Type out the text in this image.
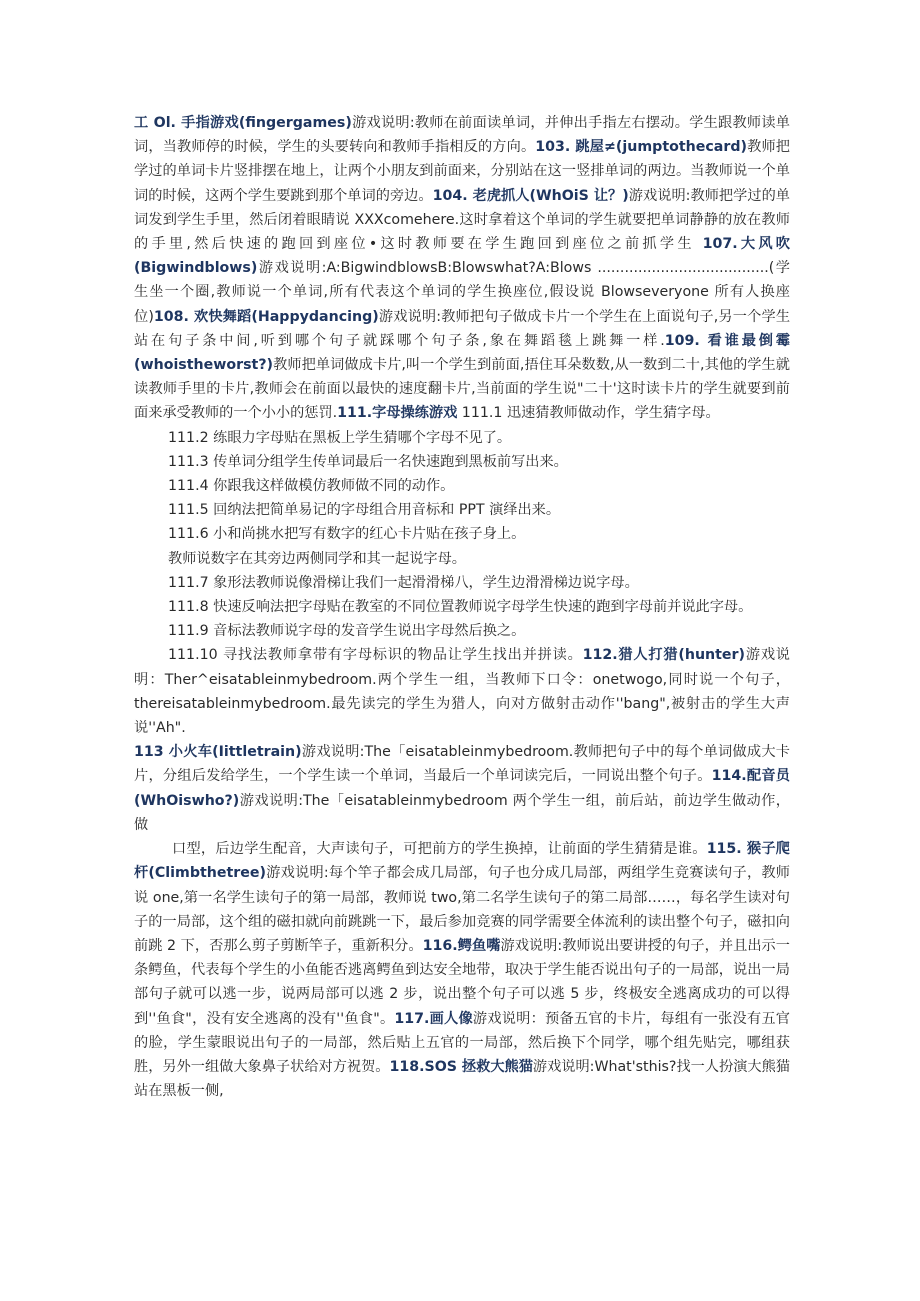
工 Ol. 手指游戏(fingergames)游戏说明:教师在前面读单词，并伸出手指左右摆动。学生跟教师读单词，当教师停的时候，学生的头要转向和教师手指相反的方向。103. 跳屋≠(jumptothecard)教师把学过的单词卡片竖排摆在地上，让两个小朋友到前面来，分别站在这一竖排单词的两边。当教师说一个单词的时候，这两个学生要跳到那个单词的旁边。104. 老虎抓人(WhOiS 让？)游戏说明:教师把学过的单词发到学生手里，然后闭着眼睛说 XXXcomehere.这时拿着这个单词的学生就要把单词静静的放在教师的手里,然后快速的跑回到座位•这时教师要在学生跑回到座位之前抓学生 107.大风吹 (Bigwindblows)游戏说明:A:BigwindblowsB:Blowswhat?A:Blows ......................................(学生坐一个圈,教师说一个单词,所有代表这个单词的学生换座位,假设说 Blowseveryone 所有人换座位)108. 欢快舞蹈(Happydancing)游戏说明:教师把句子做成卡片一个学生在上面说句子,另一个学生站在句子条中间,听到哪个句子就踩哪个句子条,象在舞蹈毯上跳舞一样.109. 看谁最倒霉(whoistheworst?)教师把单词做成卡片,叫一个学生到前面,捂住耳朵数数,从一数到二十,其他的学生就读教师手里的卡片,教师会在前面以最快的速度翻卡片,当前面的学生说"二十'这时读卡片的学生就要到前面来承受教师的一个小小的惩罚.111.字母操练游戏 111.1 迅速猜教师做动作，学生猜字母。

111.2 练眼力字母贴在黑板上学生猜哪个字母不见了。

111.3 传单词分组学生传单词最后一名快速跑到黑板前写出来。

111.4 你跟我这样做模仿教师做不同的动作。

111.5 回纳法把简单易记的字母组合用音标和 PPT 演绎出来。

111.6 小和尚挑水把写有数字的红心卡片贴在孩子身上。

教师说数字在其旁边两侧同学和其一起说字母。

111.7 象形法教师说像滑梯让我们一起滑滑梯八，学生边滑滑梯边说字母。

111.8 快速反响法把字母贴在教室的不同位置教师说字母学生快速的跑到字母前并说此字母。

111.9 音标法教师说字母的发音学生说出字母然后换之。

111.10 寻找法教师拿带有字母标识的物品让学生找出并拼读。112.猎人打猎(hunter)游戏说明：Ther^eisatableinmybedroom.两个学生一组，当教师下口令：onetwogo,同时说一个句子，thereisatableinmybedroom.最先读完的学生为猎人，向对方做射击动作''bang",被射击的学生大声说''Ah".

113 小火车(Iittletrain)游戏说明:The「eisatableinmybedroom.教师把句子中的每个单词做成大卡片，分组后发给学生，一个学生读一个单词，当最后一个单词读完后，一同说出整个句子。114.配音员 (WhOiswho?)游戏说明:The「eisatableinmybedroom 两个学生一组，前后站，前边学生做动作，做

口型，后边学生配音，大声读句子，可把前方的学生换掉，让前面的学生猜猜是谁。115. 猴子爬杆(Climbthetree)游戏说明:每个竿子都会成几局部，句子也分成几局部，两组学生竞赛读句子，教师说 one,第一名学生读句子的第一局部，教师说 two,第二名学生读句子的第二局部……，每名学生读对句子的一局部，这个组的磁扣就向前跳跳一下，最后参加竞赛的同学需要全体流利的读出整个句子，磁扣向前跳 2 下，否那么剪子剪断竿子，重新积分。116.鳄鱼嘴游戏说明:教师说出要讲授的句子，并且出示一条鳄鱼，代表每个学生的小鱼能否逃离鳄鱼到达安全地带，取决于学生能否说出句子的一局部，说出一局部句子就可以逃一步，说两局部可以逃 2 步，说出整个句子可以逃 5 步，终极安全逃离成功的可以得到''鱼食"，没有安全逃离的没有''鱼食"。117.画人像游戏说明：预备五官的卡片，每组有一张没有五官的脸，学生蒙眼说出句子的一局部，然后贴上五官的一局部，然后换下个同学，哪个组先贴完，哪组获胜，另外一组做大象鼻子状给对方祝贺。118.SOS 拯救大熊猫游戏说明:What'sthis?找一人扮演大熊猫站在黑板一侧,
